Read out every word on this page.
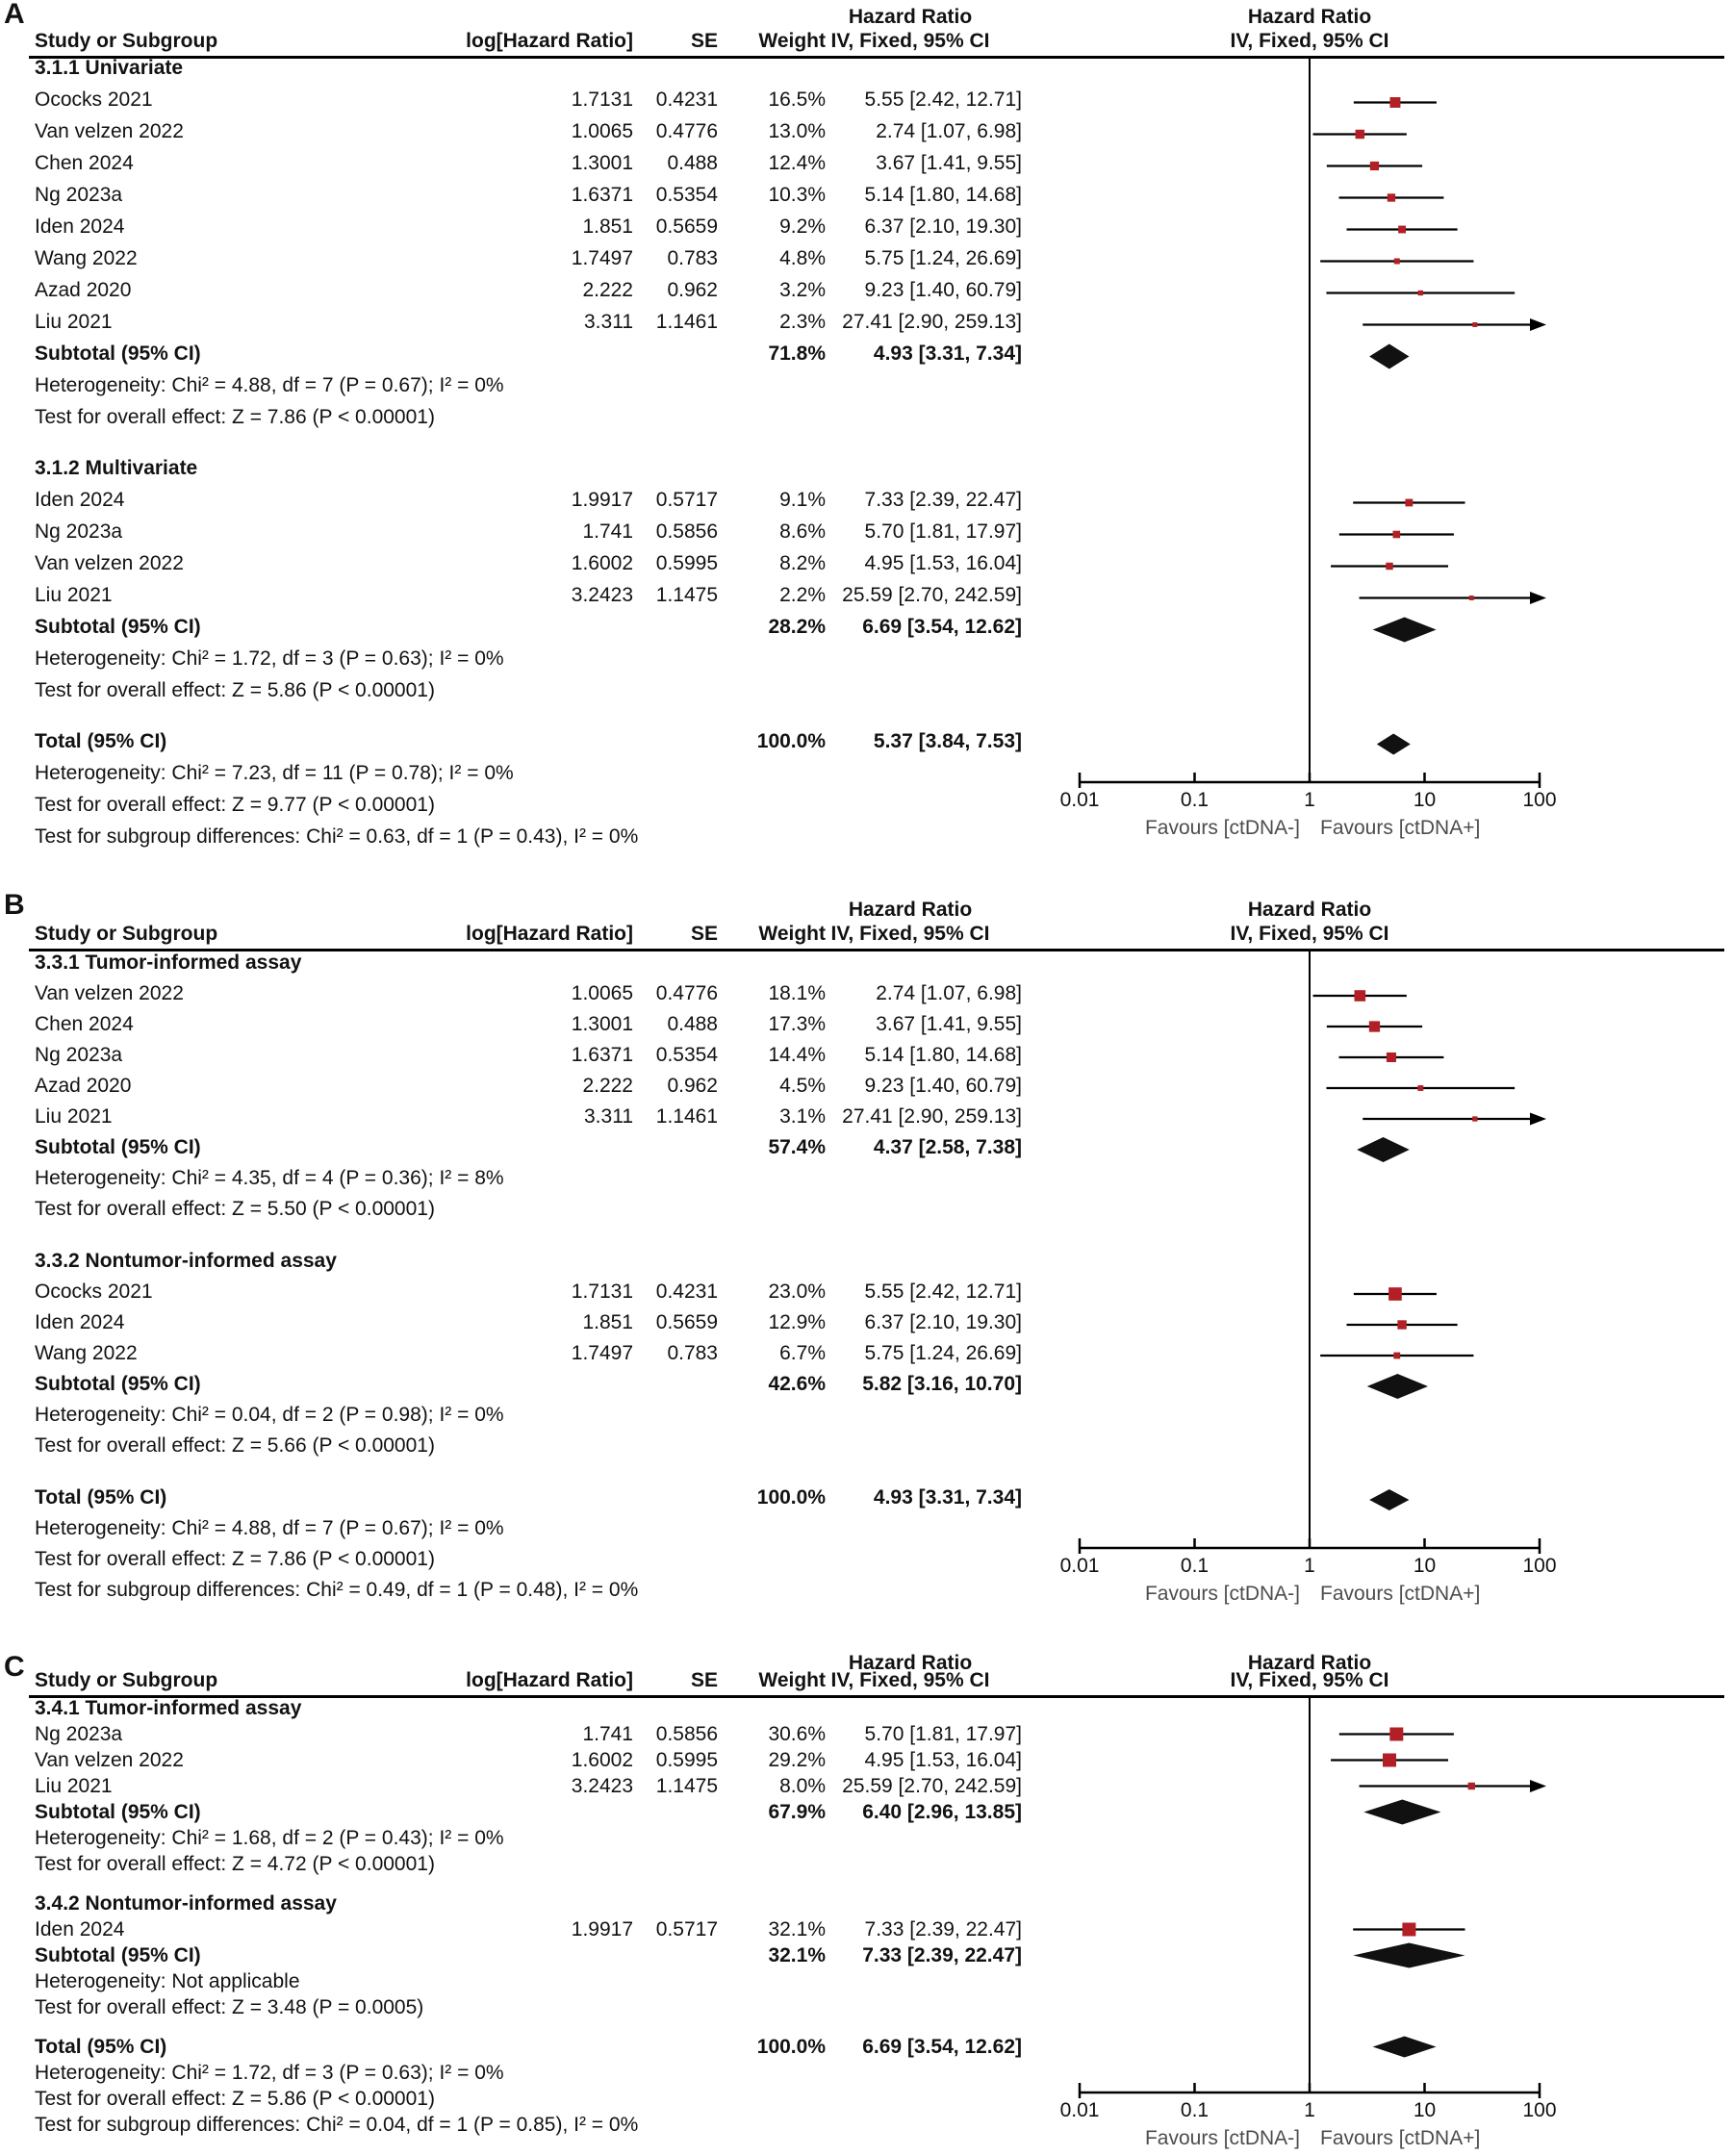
A	Hazard Ratio	Hazard Ratio
Study or Subgroup	log[Hazard Ratio]	SE	Weight IV, Fixed, 95% CI	IV, Fixed, 95% CI
3.1.1 Univariate
Ococks 2021	1.7131	0.4231	16.5%	5.55 [2.42, 12.71]
Van velzen 2022	1.0065	0.4776	13.0%	2.74 [1.07, 6.98]
Chen 2024	1.3001	0.488	12.4%	3.67 [1.41, 9.55]
Ng 2023a	1.6371	0.5354	10.3%	5.14 [1.80, 14.68]
Iden 2024	1.851	0.5659	9.2%	6.37 [2.10, 19.30]
Wang 2022	1.7497	0.783	4.8%	5.75 [1.24, 26.69]
Azad 2020	2.222	0.962	3.2%	9.23 [1.40, 60.79]
Liu 2021	3.311	1.1461	2.3% 27.41 [2.90, 259.13]
Subtotal (95% CI)	71.8%	4.93 [3.31, 7.34]
Heterogeneity: Chi² = 4.88, df = 7 (P = 0.67); I² = 0%
Test for overall effect: Z = 7.86 (P < 0.00001)
3.1.2 Multivariate
Iden 2024	1.9917	0.5717	9.1%	7.33 [2.39, 22.47]
Ng 2023a	1.741	0.5856	8.6%	5.70 [1.81, 17.97]
Van velzen 2022	1.6002	0.5995	8.2%	4.95 [1.53, 16.04]
Liu 2021	3.2423	1.1475	2.2% 25.59 [2.70, 242.59]
Subtotal (95% CI)	28.2%	6.69 [3.54, 12.62]
Heterogeneity: Chi² = 1.72, df = 3 (P = 0.63); I² = 0%
Test for overall effect: Z = 5.86 (P < 0.00001)
Total (95% CI)	100.0%	5.37 [3.84, 7.53]
Heterogeneity: Chi² = 7.23, df = 11 (P = 0.78); I² = 0%
Test for overall effect: Z = 9.77 (P < 0.00001)
Test for subgroup differences: Chi² = 0.63, df = 1 (P = 0.43), I² = 0%
0.01	0.1	1	10	100
Favours [ctDNA-] Favours [ctDNA+]
B	Hazard Ratio	Hazard Ratio
Study or Subgroup	log[Hazard Ratio]	SE	Weight IV, Fixed, 95% CI	IV, Fixed, 95% CI
3.3.1 Tumor-informed assay
Van velzen 2022	1.0065	0.4776	18.1%	2.74 [1.07, 6.98]
Chen 2024	1.3001	0.488	17.3%	3.67 [1.41, 9.55]
Ng 2023a	1.6371	0.5354	14.4%	5.14 [1.80, 14.68]
Azad 2020	2.222	0.962	4.5%	9.23 [1.40, 60.79]
Liu 2021	3.311	1.1461	3.1% 27.41 [2.90, 259.13]
Subtotal (95% CI)	57.4%	4.37 [2.58, 7.38]
Heterogeneity: Chi² = 4.35, df = 4 (P = 0.36); I² = 8%
Test for overall effect: Z = 5.50 (P < 0.00001)
3.3.2 Nontumor-informed assay
Ococks 2021	1.7131	0.4231	23.0%	5.55 [2.42, 12.71]
Iden 2024	1.851	0.5659	12.9%	6.37 [2.10, 19.30]
Wang 2022	1.7497	0.783	6.7%	5.75 [1.24, 26.69]
Subtotal (95% CI)	42.6%	5.82 [3.16, 10.70]
Heterogeneity: Chi² = 0.04, df = 2 (P = 0.98); I² = 0%
Test for overall effect: Z = 5.66 (P < 0.00001)
Total (95% CI)	100.0%	4.93 [3.31, 7.34]
Heterogeneity: Chi² = 4.88, df = 7 (P = 0.67); I² = 0%
Test for overall effect: Z = 7.86 (P < 0.00001)
Test for subgroup differences: Chi² = 0.49, df = 1 (P = 0.48), I² = 0%
0.01	0.1	1	10	100
Favours [ctDNA-] Favours [ctDNA+]
C	Hazard Ratio	Hazard Ratio
Study or Subgroup	log[Hazard Ratio]	SE	Weight IV, Fixed, 95% CI	IV, Fixed, 95% CI
3.4.1 Tumor-informed assay
Ng 2023a	1.741	0.5856	30.6%	5.70 [1.81, 17.97]
Van velzen 2022	1.6002	0.5995	29.2%	4.95 [1.53, 16.04]
Liu 2021	3.2423	1.1475	8.0% 25.59 [2.70, 242.59]
Subtotal (95% CI)	67.9%	6.40 [2.96, 13.85]
Heterogeneity: Chi² = 1.68, df = 2 (P = 0.43); I² = 0%
Test for overall effect: Z = 4.72 (P < 0.00001)
3.4.2 Nontumor-informed assay
Iden 2024	1.9917	0.5717	32.1%	7.33 [2.39, 22.47]
Subtotal (95% CI)	32.1%	7.33 [2.39, 22.47]
Heterogeneity: Not applicable
Test for overall effect: Z = 3.48 (P = 0.0005)
Total (95% CI)	100.0%	6.69 [3.54, 12.62]
Heterogeneity: Chi² = 1.72, df = 3 (P = 0.63); I² = 0%
Test for overall effect: Z = 5.86 (P < 0.00001)
Test for subgroup differences: Chi² = 0.04, df = 1 (P = 0.85), I² = 0%
0.01	0.1	1	10	100
Favours [ctDNA-] Favours [ctDNA+]
